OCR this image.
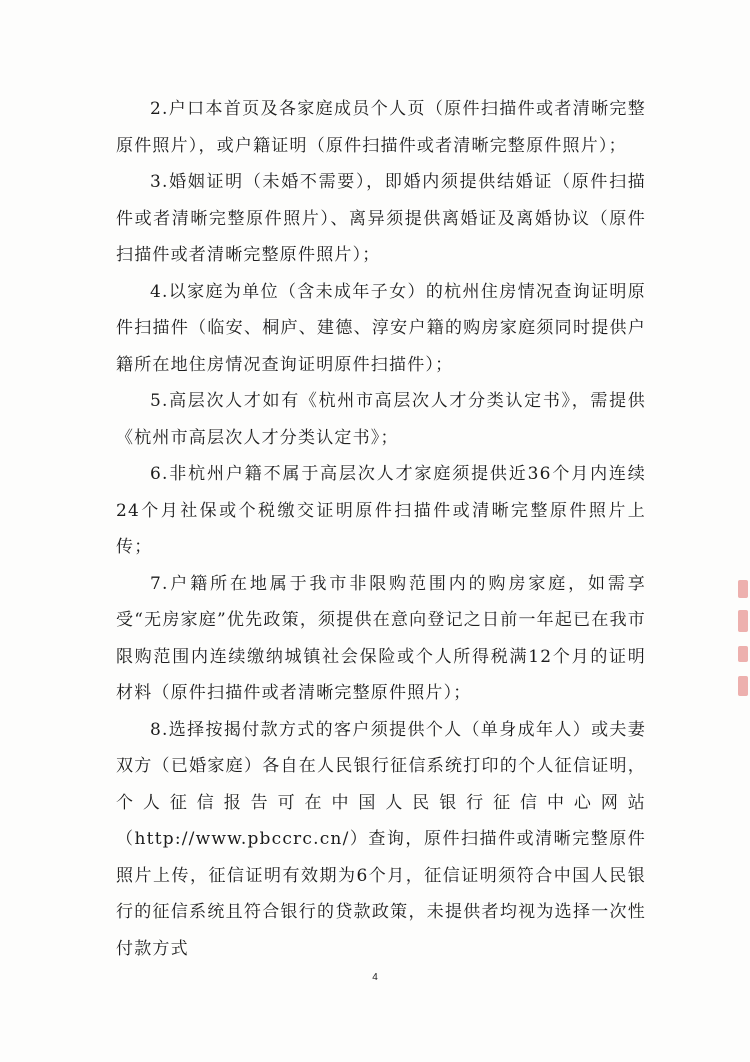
2.户口本首页及各家庭成员个人页（原件扫描件或者清晰完整原件照片），或户籍证明（原件扫描件或者清晰完整原件照片）；

3.婚姻证明（未婚不需要），即婚内须提供结婚证（原件扫描件或者清晰完整原件照片）、离异须提供离婚证及离婚协议（原件扫描件或者清晰完整原件照片）；

4.以家庭为单位（含未成年子女）的杭州住房情况查询证明原件扫描件（临安、桐庐、建德、淳安户籍的购房家庭须同时提供户籍所在地住房情况查询证明原件扫描件）；

5.高层次人才如有《杭州市高层次人才分类认定书》，需提供《杭州市高层次人才分类认定书》；

6.非杭州户籍不属于高层次人才家庭须提供近36个月内连续24个月社保或个税缴交证明原件扫描件或清晰完整原件照片上传；

7.户籍所在地属于我市非限购范围内的购房家庭，如需享受“无房家庭”优先政策，须提供在意向登记之日前一年起已在我市限购范围内连续缴纳城镇社会保险或个人所得税满12个月的证明材料（原件扫描件或者清晰完整原件照片）；

8.选择按揭付款方式的客户须提供个人（单身成年人）或夫妻双方（已婚家庭）各自在人民银行征信系统打印的个人征信证明，个人征信报告可在中国人民银行征信中心网站（http://www.pbccrc.cn/）查询，原件扫描件或清晰完整原件照片上传，征信证明有效期为6个月，征信证明须符合中国人民银行的征信系统且符合银行的贷款政策，未提供者均视为选择一次性付款方式

4
